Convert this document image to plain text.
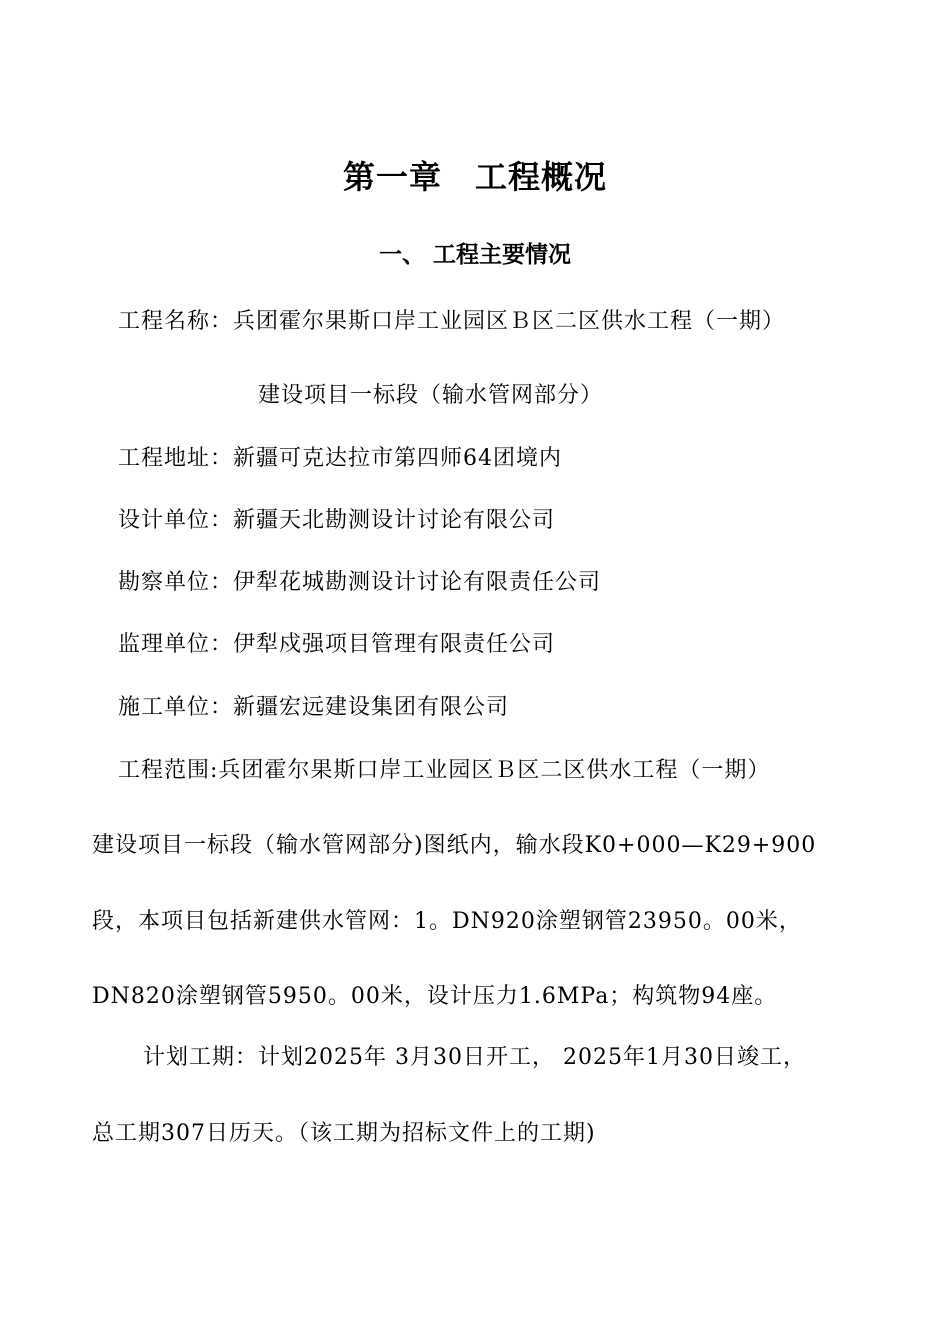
第一章　工程概况
一、 工程主要情况
工程名称：兵团霍尔果斯口岸工业园区Ｂ区二区供水工程（一期）
建设项目一标段（输水管网部分）
工程地址：新疆可克达拉市第四师64团境内
设计单位：新疆天北勘测设计讨论有限公司
勘察单位：伊犁花城勘测设计讨论有限责任公司
监理单位：伊犁戍强项目管理有限责任公司
施工单位：新疆宏远建设集团有限公司
工程范围:兵团霍尔果斯口岸工业园区Ｂ区二区供水工程（一期）
建设项目一标段（输水管网部分)图纸内，输水段K0+000—K29+900
段，本项目包括新建供水管网：1。DN920涂塑钢管23950。00米，
DN820涂塑钢管5950。00米，设计压力1.6MPa；构筑物94座。
计划工期：计划2025年 3月30日开工， 2025年1月30日竣工，
总工期307日历天。（该工期为招标文件上的工期)
